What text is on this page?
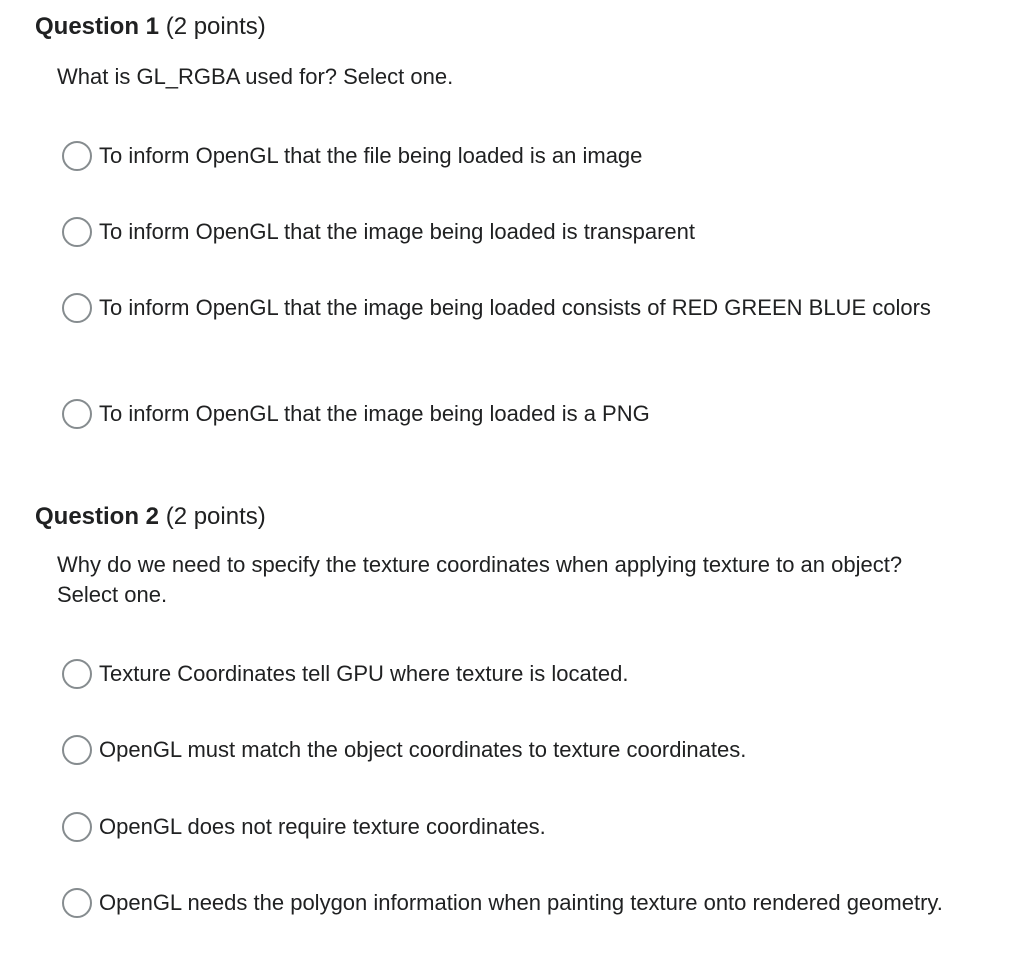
Question 1 (2 points)
What is GL_RGBA used for? Select one.
To inform OpenGL that the file being loaded is an image
To inform OpenGL that the image being loaded is transparent
To inform OpenGL that the image being loaded consists of RED GREEN BLUE colors
To inform OpenGL that the image being loaded is a PNG
Question 2 (2 points)
Why do we need to specify the texture coordinates when applying texture to an object? Select one.
Texture Coordinates tell GPU where texture is located.
OpenGL must match the object coordinates to texture coordinates.
OpenGL does not require texture coordinates.
OpenGL needs the polygon information when painting texture onto rendered geometry.
